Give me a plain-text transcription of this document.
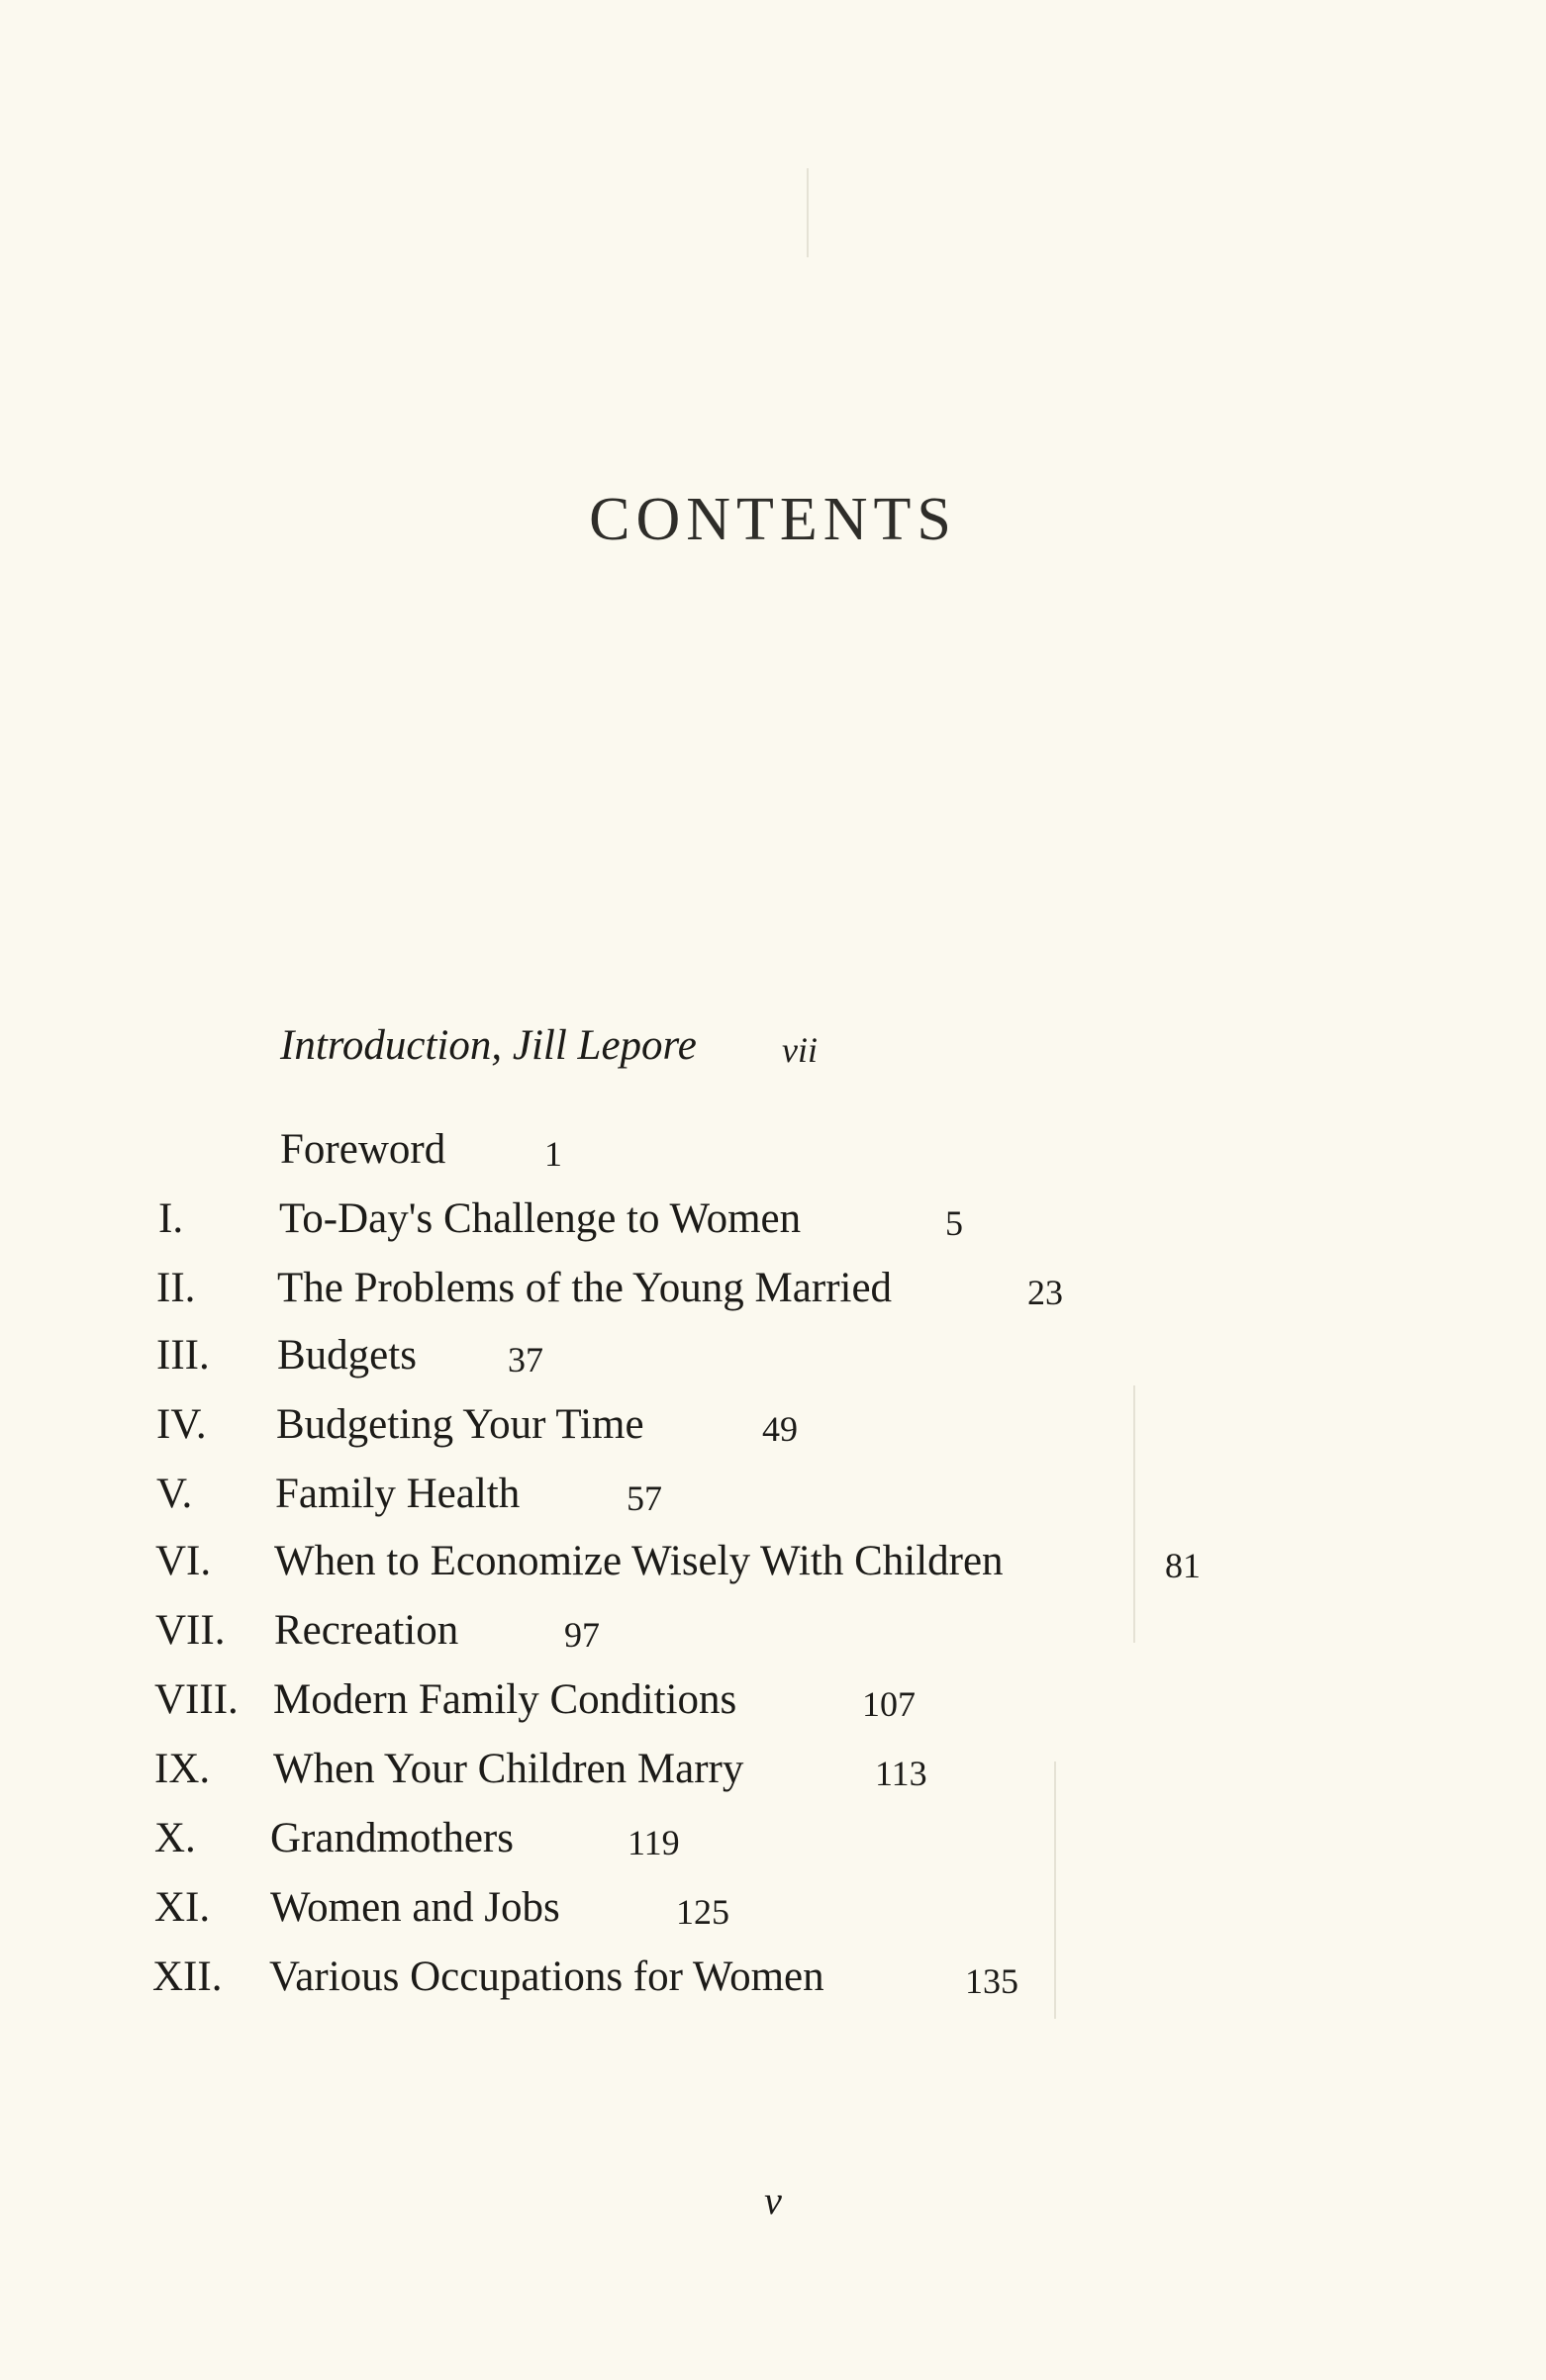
CONTENTS
Introduction, Jill Lepore vii
Foreword	1
I. To-Day's Challenge to Women	5
II. The Problems of the Young Married	23
III. Budgets	37
IV. Budgeting Your Time	49
V. Family Health	57
VI. When to Economize Wisely With Children	81
VII. Recreation	97
VIII. Modern Family Conditions	107
IX. When Your Children Marry	113
X. Grandmothers	119
XI. Women and Jobs	125
XII. Various Occupations for Women	135
v
